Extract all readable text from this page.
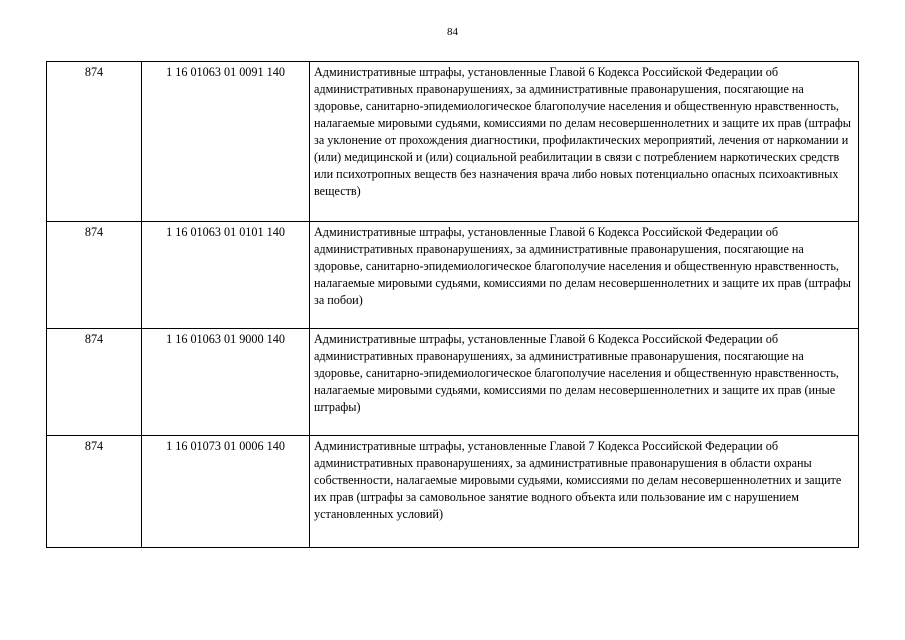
84
874	1 16 01063 01 0091 140	Административные штрафы, установленные Главой 6 Кодекса Российской Федерации об административных правонарушениях, за административные правонарушения, посягающие на здоровье, санитарно-эпидемиологическое благополучие населения и общественную нравственность, налагаемые мировыми судьями, комиссиями по делам несовершеннолетних и защите их прав (штрафы за уклонение от прохождения диагностики, профилактических мероприятий, лечения от наркомании и (или) медицинской и (или) социальной реабилитации в связи с потреблением наркотических средств или психотропных веществ без назначения врача либо новых потенциально опасных психоактивных веществ)
874	1 16 01063 01 0101 140	Административные штрафы, установленные Главой 6 Кодекса Российской Федерации об административных правонарушениях, за административные правонарушения, посягающие на здоровье, санитарно-эпидемиологическое благополучие населения и общественную нравственность, налагаемые мировыми судьями, комиссиями по делам несовершеннолетних и защите их прав (штрафы за побои)
874	1 16 01063 01 9000 140	Административные штрафы, установленные Главой 6 Кодекса Российской Федерации об административных правонарушениях, за административные правонарушения, посягающие на здоровье, санитарно-эпидемиологическое благополучие населения и общественную нравственность, налагаемые мировыми судьями, комиссиями по делам несовершеннолетних и защите их прав (иные штрафы)
874	1 16 01073 01 0006 140	Административные штрафы, установленные Главой 7 Кодекса Российской Федерации об административных правонарушениях, за административные правонарушения в области охраны собственности, налагаемые мировыми судьями, комиссиями по делам несовершеннолетних и защите их прав (штрафы за самовольное занятие водного объекта или пользование им с нарушением установленных условий)
